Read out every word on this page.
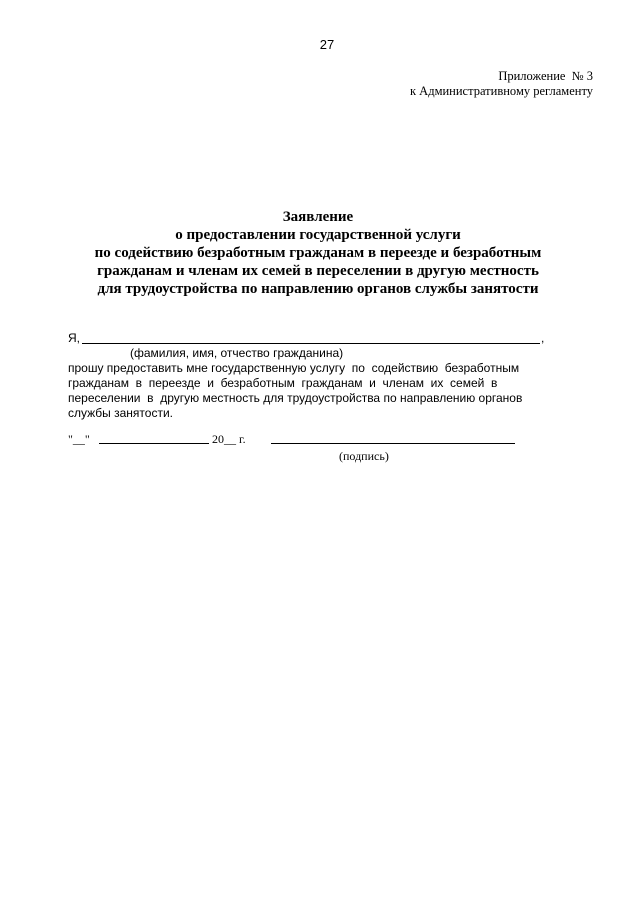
27
Приложение  № 3
к Административному регламенту
Заявление
о предоставлении государственной услуги
по содействию безработным гражданам в переезде и безработным
гражданам и членам их семей в переселении в другую местность
для трудоустройства по направлению органов службы занятости
Я,	,
(фамилия, имя, отчество гражданина)
прошу предоставить мне государственную услугу  по  содействию  безработным
гражданам  в  переезде  и  безработным  гражданам  и  членам  их  семей  в
переселении  в  другую местность для трудоустройства по направлению органов
службы занятости.
"__"	20__ г.
(подпись)
